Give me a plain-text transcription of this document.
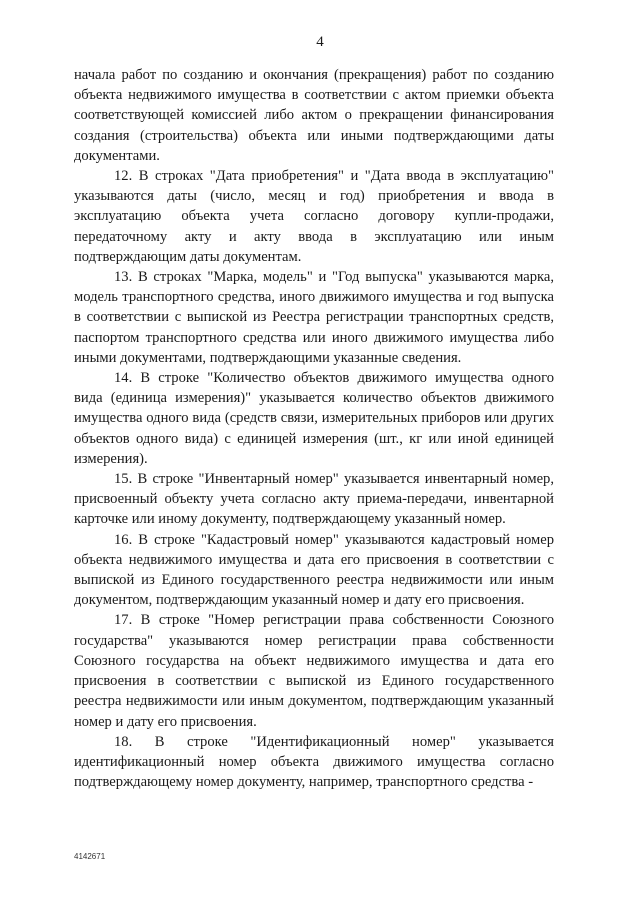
4

начала работ по созданию и окончания (прекращения) работ по созданию объекта недвижимого имущества в соответствии с актом приемки объекта соответствующей комиссией либо актом о прекращении финансирования создания (строительства) объекта или иными подтверждающими даты документами.

12. В строках "Дата приобретения" и "Дата ввода в эксплуатацию" указываются даты (число, месяц и год) приобретения и ввода в эксплуатацию объекта учета согласно договору купли-продажи, передаточному акту и акту ввода в эксплуатацию или иным подтверждающим даты документам.

13. В строках "Марка, модель" и "Год выпуска" указываются марка, модель транспортного средства, иного движимого имущества и год выпуска в соответствии с выпиской из Реестра регистрации транспортных средств, паспортом транспортного средства или иного движимого имущества либо иными документами, подтверждающими указанные сведения.

14. В строке "Количество объектов движимого имущества одного вида (единица измерения)" указывается количество объектов движимого имущества одного вида (средств связи, измерительных приборов или других объектов одного вида) с единицей измерения (шт., кг или иной единицей измерения).

15. В строке "Инвентарный номер" указывается инвентарный номер, присвоенный объекту учета согласно акту приема-передачи, инвентарной карточке или иному документу, подтверждающему указанный номер.

16. В строке "Кадастровый номер" указываются кадастровый номер объекта недвижимого имущества и дата его присвоения в соответствии с выпиской из Единого государственного реестра недвижимости или иным документом, подтверждающим указанный номер и дату его присвоения.

17. В строке "Номер регистрации права собственности Союзного государства" указываются номер регистрации права собственности Союзного государства на объект недвижимого имущества и дата его присвоения в соответствии с выпиской из Единого государственного реестра недвижимости или иным документом, подтверждающим указанный номер и дату его присвоения.

18. В строке "Идентификационный номер" указывается идентификационный номер объекта движимого имущества согласно подтверждающему номер документу, например, транспортного средства -

4142671
